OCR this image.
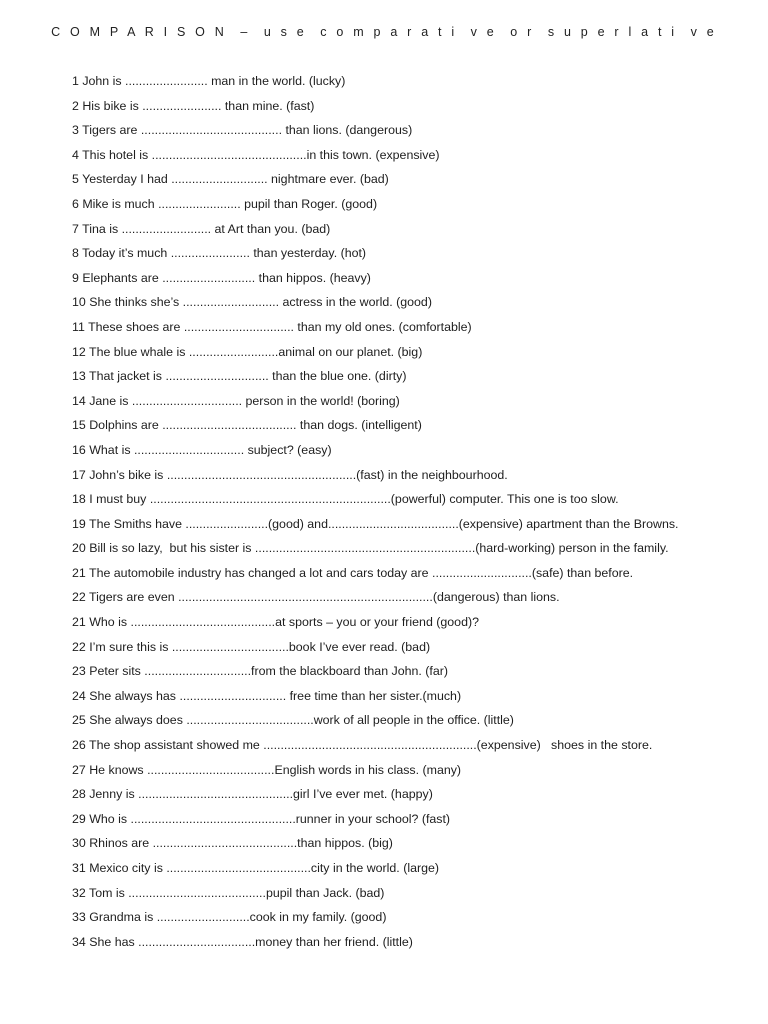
C O M P A R I S O N  –  u s e  c o m p a r a t i  v e  o r  s u p e r l a t i  v e
1 John is ........................ man in the world. (lucky)
2 His bike is ....................... than mine. (fast)
3 Tigers are ......................................... than lions. (dangerous)
4 This hotel is .............................................in this town. (expensive)
5 Yesterday I had ............................ nightmare ever. (bad)
6 Mike is much ........................ pupil than Roger. (good)
7 Tina is .......................... at Art than you. (bad)
8 Today it’s much ....................... than yesterday. (hot)
9 Elephants are ........................... than hippos. (heavy)
10 She thinks she’s ............................ actress in the world. (good)
11 These shoes are ................................ than my old ones. (comfortable)
12 The blue whale is ..........................animal on our planet. (big)
13 That jacket is .............................. than the blue one. (dirty)
14 Jane is ................................ person in the world! (boring)
15 Dolphins are ....................................... than dogs. (intelligent)
16 What is ................................ subject? (easy)
17 John’s bike is .......................................................(fast) in the neighbourhood.
18 I must buy ......................................................................(powerful) computer. This one is too slow.
19 The Smiths have ........................(good) and......................................(expensive) apartment than the Browns.
20 Bill is so lazy,  but his sister is ................................................................(hard-working) person in the family.
21 The automobile industry has changed a lot and cars today are .............................(safe) than before.
22 Tigers are even ..........................................................................(dangerous) than lions.
21 Who is ..........................................at sports – you or your friend (good)?
22 I’m sure this is ..................................book I’ve ever read. (bad)
23 Peter sits ...............................from the blackboard than John. (far)
24 She always has ............................... free time than her sister.(much)
25 She always does .....................................work of all people in the office. (little)
26 The shop assistant showed me ..............................................................(expensive)   shoes in the store.
27 He knows .....................................English words in his class. (many)
28 Jenny is .............................................girl I’ve ever met. (happy)
29 Who is ................................................runner in your school? (fast)
30 Rhinos are ..........................................than hippos. (big)
31 Mexico city is ..........................................city in the world. (large)
32 Tom is ........................................pupil than Jack. (bad)
33 Grandma is ...........................cook in my family. (good)
34 She has ..................................money than her friend. (little)
